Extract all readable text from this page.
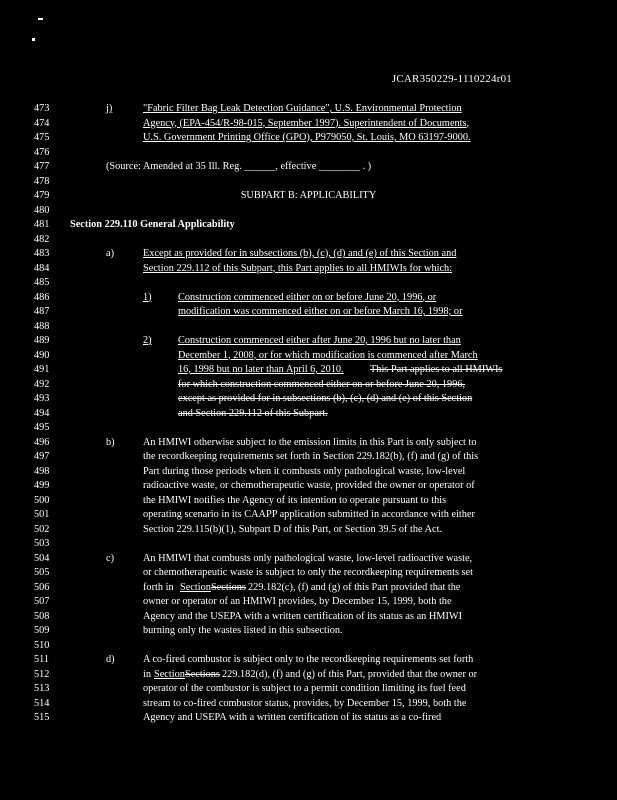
JCAR350229-1110224r01
473	j)	"Fabric Filter Bag Leak Detection Guidance", U.S. Environmental Protection
474	Agency, (EPA-454/R-98-015, September 1997). Superintendent of Documents,
475	U.S. Government Printing Office (GPO), P979050, St. Louis, MO 63197-9000.
476
477	(Source: Amended at 35 Ill. Reg. ______, effective ________ . )
478
479	SUBPART B: APPLICABILITY
480
481	Section 229.110 General Applicability
482
483	a)	Except as provided for in subsections (b), (c), (d) and (e) of this Section and
484	Section 229.112 of this Subpart, this Part applies to all HMIWIs for which:
485
486	1)	Construction commenced either on or before June 20, 1996, or
487	modification was commenced either on or before March 16, 1998; or
488
489	2)	Construction commenced either after June 20, 1996 but no later than
490	December 1, 2008, or for which modification is commenced after March
491	16, 1998 but no later than April 6, 2010.	This Part applies to all HMIWIs
492	for which construction commenced either on or before June 20, 1996,
493	except as provided for in subsections (b), (c), (d) and (e) of this Section
494	and Section 229.112 of this Subpart.
495
496	b)	An HMIWI otherwise subject to the emission limits in this Part is only subject to
497	the recordkeeping requirements set forth in Section 229.182(b), (f) and (g) of this
498	Part during those periods when it combusts only pathological waste, low-level
499	radioactive waste, or chemotherapeutic waste, provided the owner or operator of
500	the HMIWI notifies the Agency of its intention to operate pursuant to this
501	operating scenario in its CAAPP application submitted in accordance with either
502	Section 229.115(b)(1), Subpart D of this Part, or Section 39.5 of the Act.
503
504	c)	An HMIWI that combusts only pathological waste, low-level radioactive waste,
505	or chemotherapeutic waste is subject to only the recordkeeping requirements set
506	forth in Section Sections 229.182(c), (f) and (g) of this Part provided that the
507	owner or operator of an HMIWI provides, by December 15, 1999, both the
508	Agency and the USEPA with a written certification of its status as an HMIWI
509	burning only the wastes listed in this subsection.
510
511	d)	A co-fired combustor is subject only to the recordkeeping requirements set forth
512	in Section Sections 229.182(d), (f) and (g) of this Part, provided that the owner or
513	operator of the combustor is subject to a permit condition limiting its fuel feed
514	stream to co-fired combustor status, provides, by December 15, 1999, both the
515	Agency and USEPA with a written certification of its status as a co-fired
